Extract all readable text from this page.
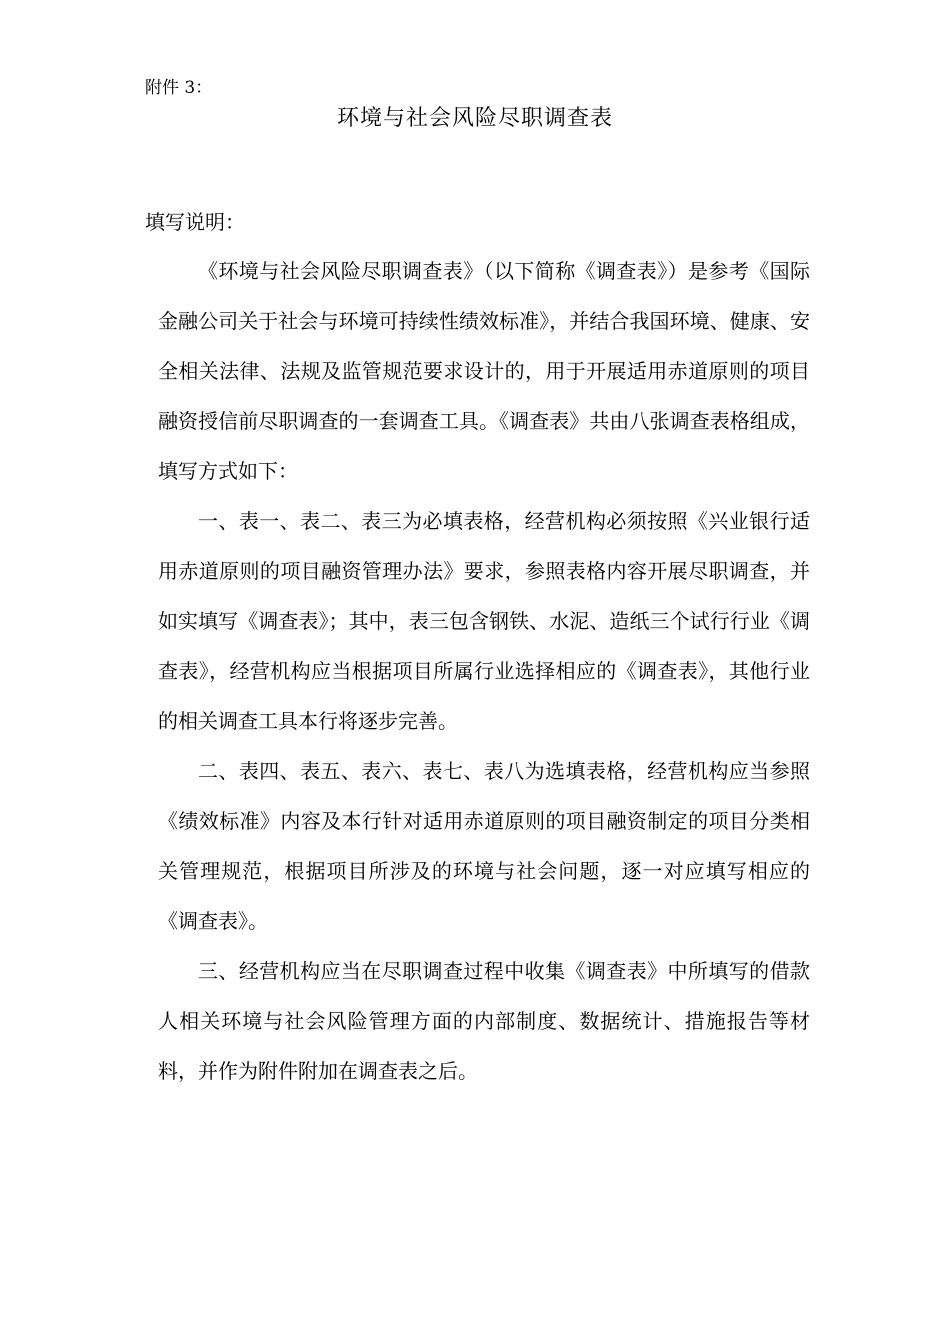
附件 3：
环境与社会风险尽职调查表
填写说明：

《环境与社会风险尽职调查表》（以下简称《调查表》）是参考《国际金融公司关于社会与环境可持续性绩效标准》，并结合我国环境、健康、安全相关法律、法规及监管规范要求设计的，用于开展适用赤道原则的项目融资授信前尽职调查的一套调查工具。《调查表》共由八张调查表格组成，填写方式如下：

一、表一、表二、表三为必填表格，经营机构必须按照《兴业银行适用赤道原则的项目融资管理办法》要求，参照表格内容开展尽职调查，并如实填写《调查表》；其中，表三包含钢铁、水泥、造纸三个试行行业《调查表》，经营机构应当根据项目所属行业选择相应的《调查表》，其他行业的相关调查工具本行将逐步完善。

二、表四、表五、表六、表七、表八为选填表格，经营机构应当参照《绩效标准》内容及本行针对适用赤道原则的项目融资制定的项目分类相关管理规范，根据项目所涉及的环境与社会问题，逐一对应填写相应的《调查表》。

三、经营机构应当在尽职调查过程中收集《调查表》中所填写的借款人相关环境与社会风险管理方面的内部制度、数据统计、措施报告等材料，并作为附件附加在调查表之后。
